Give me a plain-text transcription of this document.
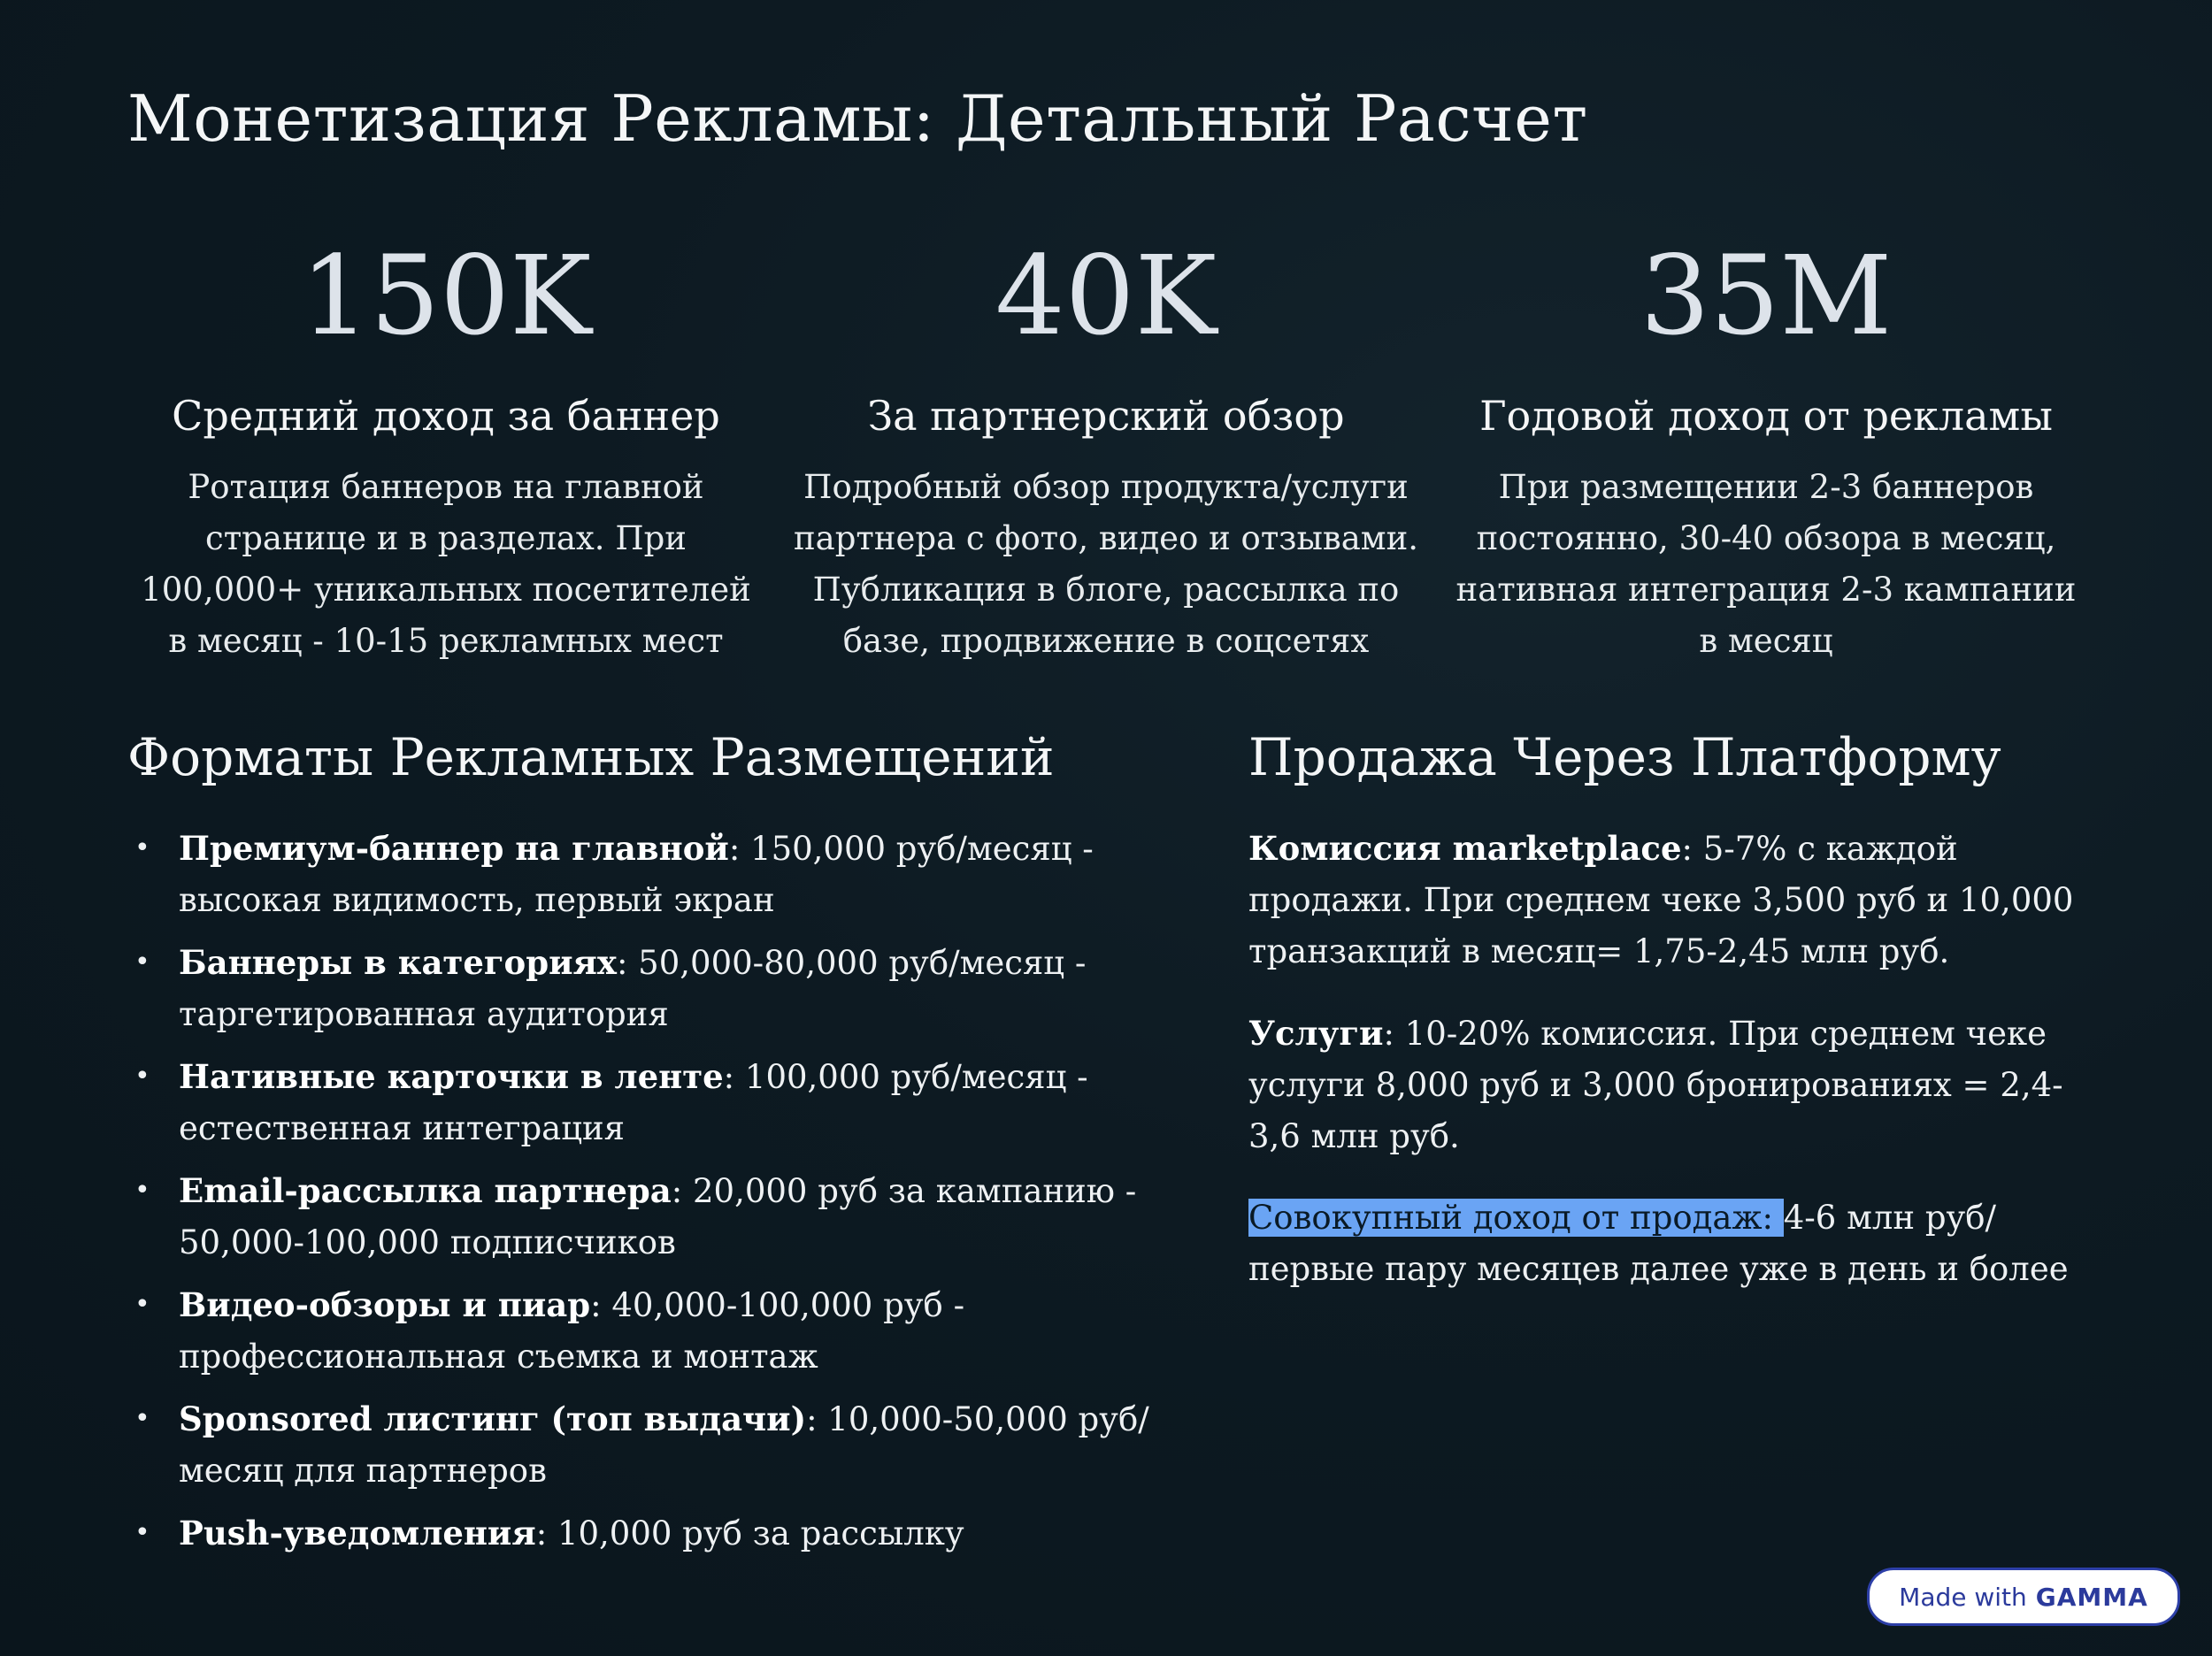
Монетизация Рекламы: Детальный Расчет
150K
Средний доход за баннер
Ротация баннеров на главной странице и в разделах. При 100,000+ уникальных посетителей в месяц - 10-15 рекламных мест
40K
За партнерский обзор
Подробный обзор продукта/услуги партнера с фото, видео и отзывами. Публикация в блоге, рассылка по базе, продвижение в соцсетях
35M
Годовой доход от рекламы
При размещении 2-3 баннеров постоянно, 30-40 обзора в месяц, нативная интеграция 2-3 кампании в месяц
Форматы Рекламных Размещений
• Премиум-баннер на главной: 150,000 руб/месяц - высокая видимость, первый экран
• Баннеры в категориях: 50,000-80,000 руб/месяц - таргетированная аудитория
• Нативные карточки в ленте: 100,000 руб/месяц - естественная интеграция
• Email-рассылка партнера: 20,000 руб за кампанию - 50,000-100,000 подписчиков
• Видео-обзоры и пиар: 40,000-100,000 руб - профессиональная съемка и монтаж
• Sponsored листинг (топ выдачи): 10,000-50,000 руб/месяц для партнеров
• Push-уведомления: 10,000 руб за рассылку
Продажа Через Платформу

Комиссия marketplace: 5-7% с каждой продажи. При среднем чеке 3,500 руб и 10,000 транзакций в месяц= 1,75-2,45 млн руб.

Услуги: 10-20% комиссия. При среднем чеке услуги 8,000 руб и 3,000 бронированиях = 2,4-3,6 млн руб.

Совокупный доход от продаж: 4-6 млн руб/первые пару месяцев далее уже в день и более

Made with GAMMA
